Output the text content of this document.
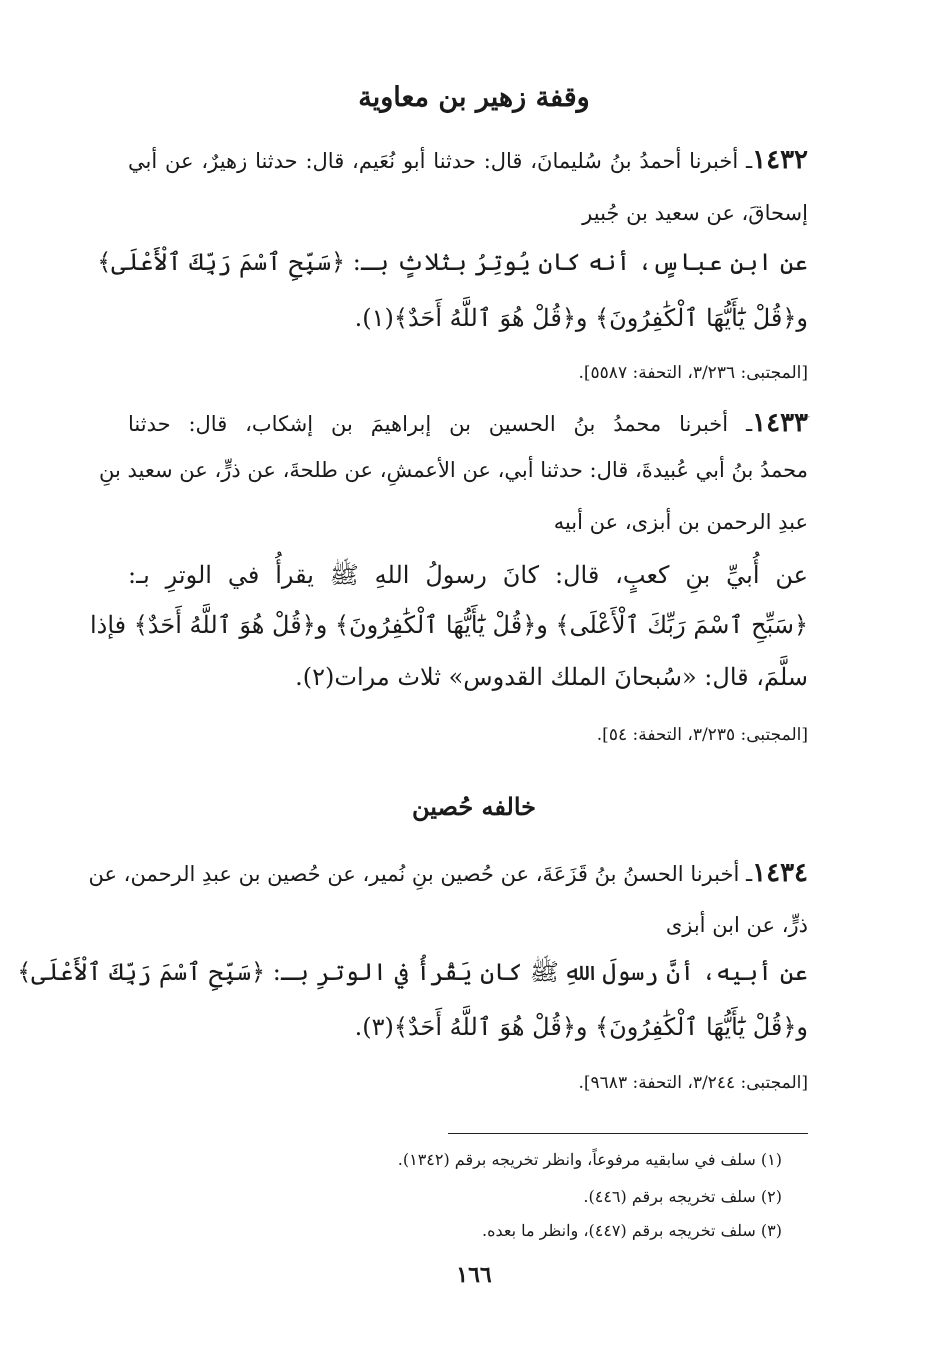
·
وقفة زهير بن معاوية
١٤٣٢ـ أخبرنا أحمدُ بنُ سُليمانَ، قال: حدثنا أبو نُعَيم، قال: حدثنا زهيرٌ، عن أبي
إسحاقَ، عن سعيد بن جُبير
عن ابنِ عباسٍ، أنه كان يُوتِرُ بثلاثٍ بـ: ﴿سَبِّحِ ٱسْمَ رَبِّكَ ٱلْأَعْلَى﴾
و﴿قُلْ يَٰٓأَيُّهَا ٱلْكَٰفِرُونَ﴾ و﴿قُلْ هُوَ ٱللَّهُ أَحَدٌ﴾(١).
[المجتبى: ٣/٢٣٦، التحفة: ٥٥٨٧].
١٤٣٣ـ أخبرنا محمدُ بنُ الحسين بن إبراهيمَ بن إشكاب، قال: حدثنا
محمدُ بنُ أبي عُبيدةَ، قال: حدثنا أبي، عن الأعمشِ، عن طلحةَ، عن ذرٍّ، عن سعيد بنِ
عبدِ الرحمن بن أبزى، عن أبيه
عن أُبيِّ بنِ كعبٍ، قال: كانَ رسولُ اللهِ ﷺ يقرأُ في الوترِ بـ:
﴿سَبِّحِ ٱسْمَ رَبِّكَ ٱلْأَعْلَى﴾ و﴿قُلْ يَٰٓأَيُّهَا ٱلْكَٰفِرُونَ﴾ و﴿قُلْ هُوَ ٱللَّهُ أَحَدٌ﴾ فإذا
سلَّمَ، قال: «سُبحانَ الملك القدوس» ثلاث مرات(٢).
[المجتبى: ٣/٢٣٥، التحفة: ٥٤].
خالفه حُصين
١٤٣٤ـ أخبرنا الحسنُ بنُ قَزَعَةَ، عن حُصين بنِ نُمير، عن حُصين بن عبدِ الرحمن، عن
ذرٍّ، عن ابن أبزى
عن أبيه، أنَّ رسولَ اللهِ ﷺ كان يَقْرأُ في الوترِ بـ: ﴿سَبِّحِ ٱسْمَ رَبِّكَ ٱلْأَعْلَى﴾
و﴿قُلْ يَٰٓأَيُّهَا ٱلْكَٰفِرُونَ﴾ و﴿قُلْ هُوَ ٱللَّهُ أَحَدٌ﴾(٣).
[المجتبى: ٣/٢٤٤، التحفة: ٩٦٨٣].
(١) سلف في سابقيه مرفوعاً، وانظر تخريجه برقم (١٣٤٢).
(٢) سلف تخريجه برقم (٤٤٦).
(٣) سلف تخريجه برقم (٤٤٧)، وانظر ما بعده.
١٦٦
